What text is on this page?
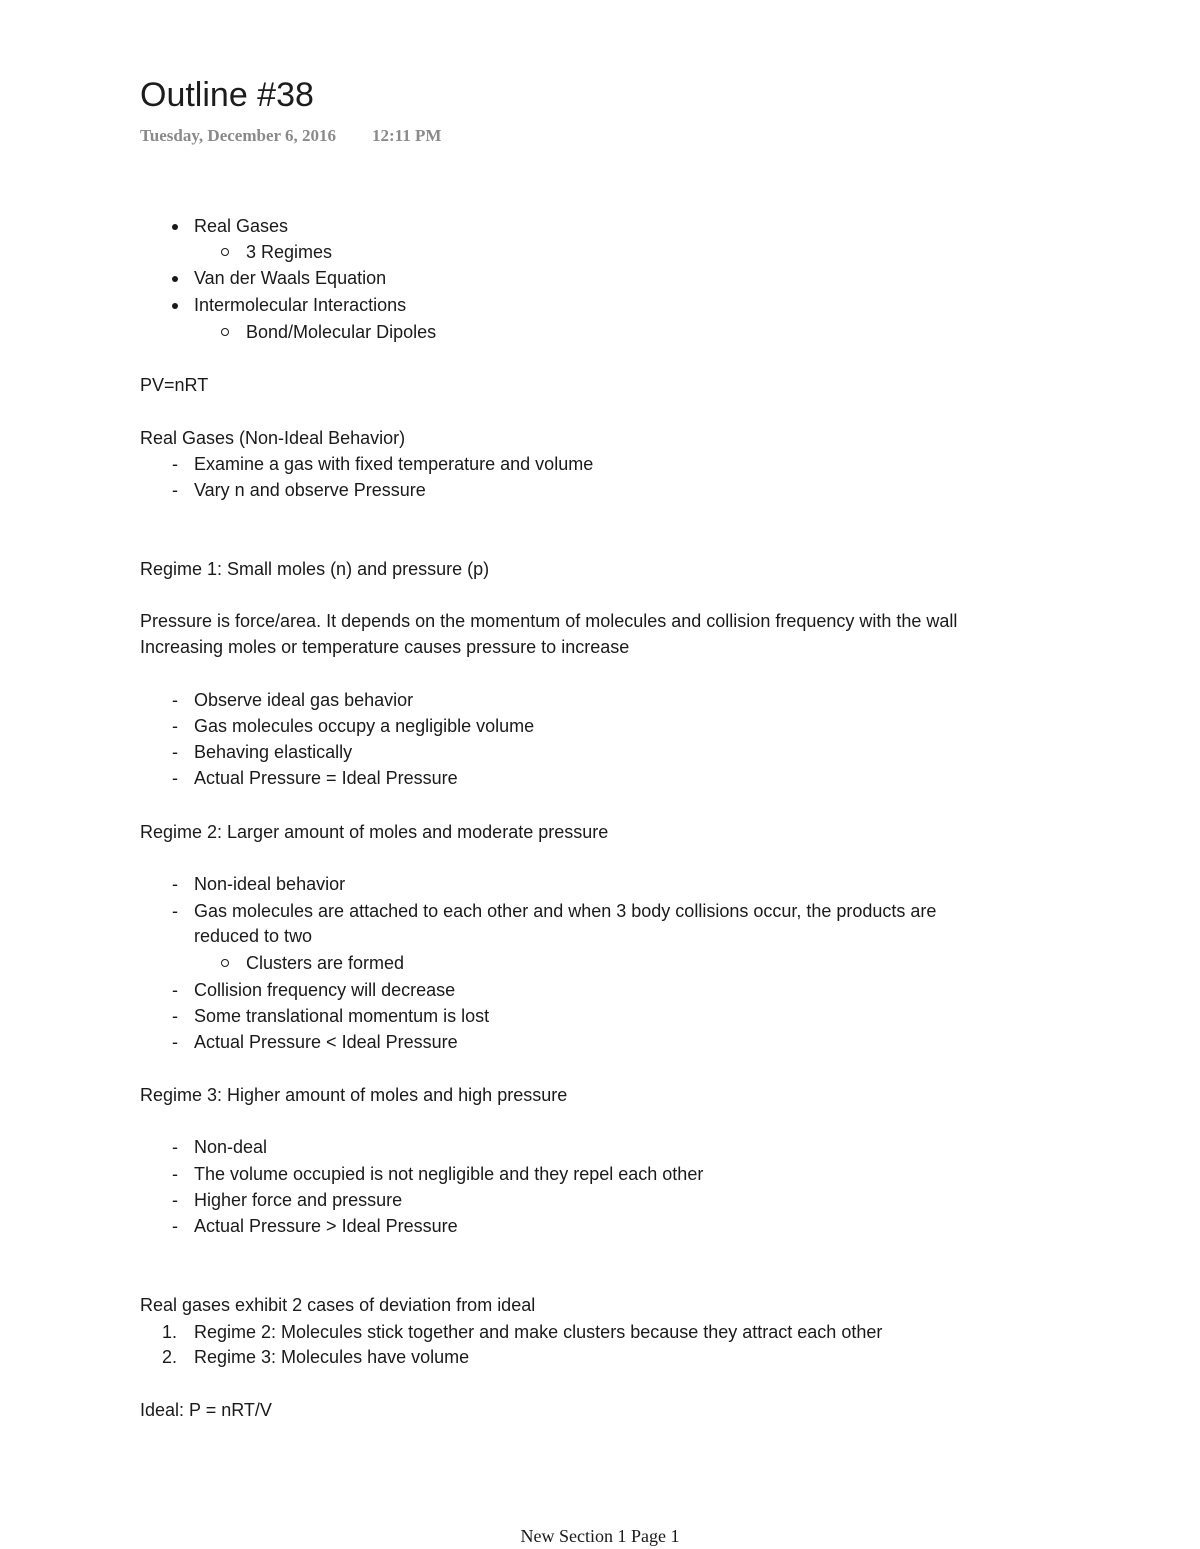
Outline #38
Tuesday, December 6, 2016 12:11 PM
Real Gases
3 Regimes
Van der Waals Equation
Intermolecular Interactions
Bond/Molecular Dipoles
PV=nRT
Real Gases (Non-Ideal Behavior)
- Examine a gas with fixed temperature and volume
- Vary n and observe Pressure
Regime 1: Small moles (n) and pressure (p)
Pressure is force/area. It depends on the momentum of molecules and collision frequency with the wall
Increasing moles or temperature causes pressure to increase
- Observe ideal gas behavior
- Gas molecules occupy a negligible volume
- Behaving elastically
- Actual Pressure = Ideal Pressure
Regime 2: Larger amount of moles and moderate pressure
- Non-ideal behavior
- Gas molecules are attached to each other and when 3 body collisions occur, the products are
reduced to two
Clusters are formed
- Collision frequency will decrease
- Some translational momentum is lost
- Actual Pressure < Ideal Pressure
Regime 3: Higher amount of moles and high pressure
- Non-deal
- The volume occupied is not negligible and they repel each other
- Higher force and pressure
- Actual Pressure > Ideal Pressure
Real gases exhibit 2 cases of deviation from ideal
1. Regime 2: Molecules stick together and make clusters because they attract each other
2. Regime 3: Molecules have volume
Ideal: P = nRT/V
New Section 1 Page 1
